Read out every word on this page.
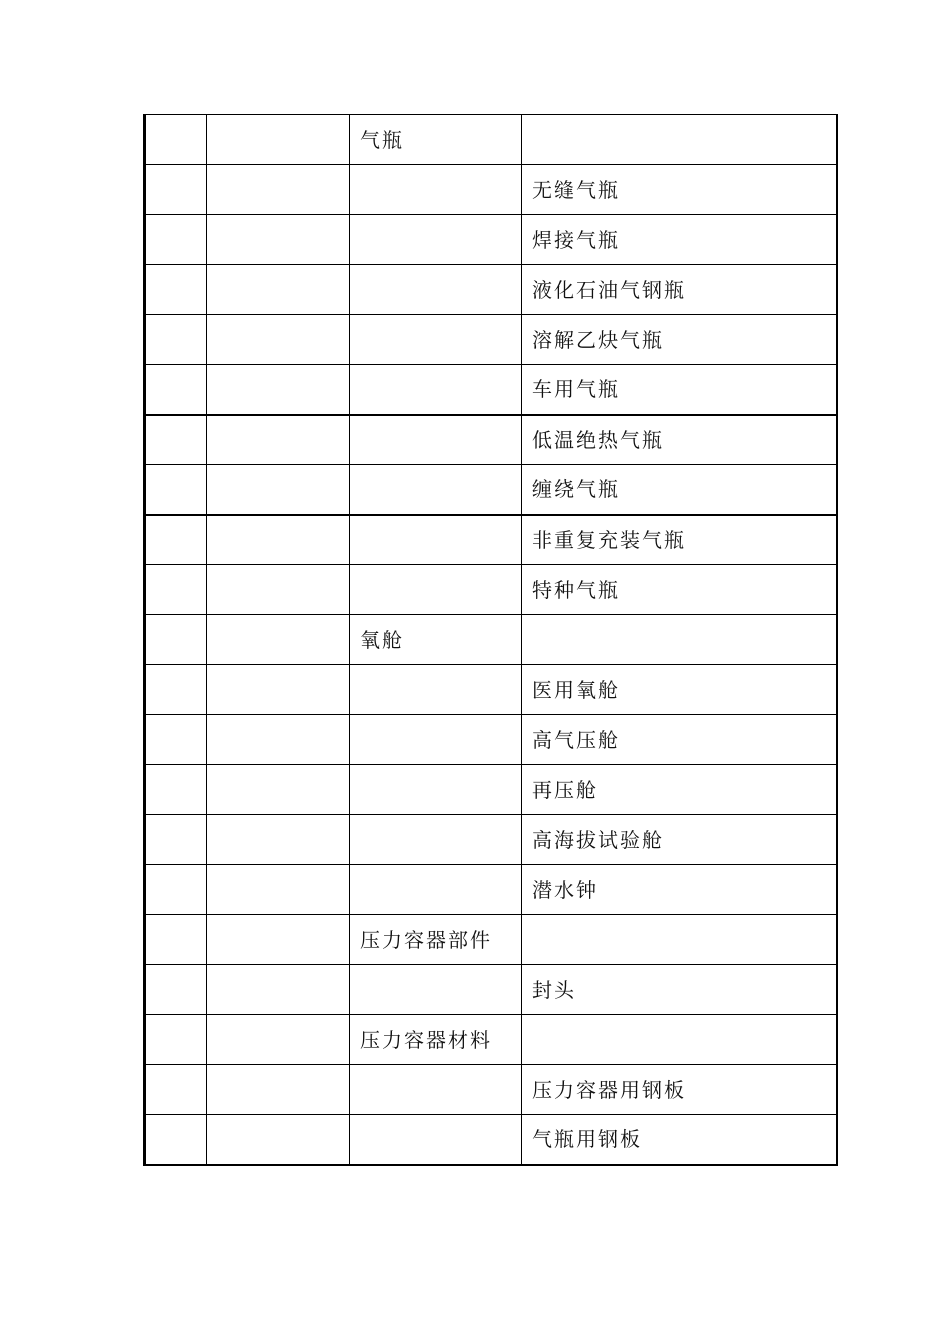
		气瓶	
			无缝气瓶
			焊接气瓶
			液化石油气钢瓶
			溶解乙炔气瓶
			车用气瓶
			低温绝热气瓶
			缠绕气瓶
			非重复充装气瓶
			特种气瓶
		氧舱	
			医用氧舱
			高气压舱
			再压舱
			高海拔试验舱
			潜水钟
		压力容器部件	
			封头
		压力容器材料	
			压力容器用钢板
			气瓶用钢板
